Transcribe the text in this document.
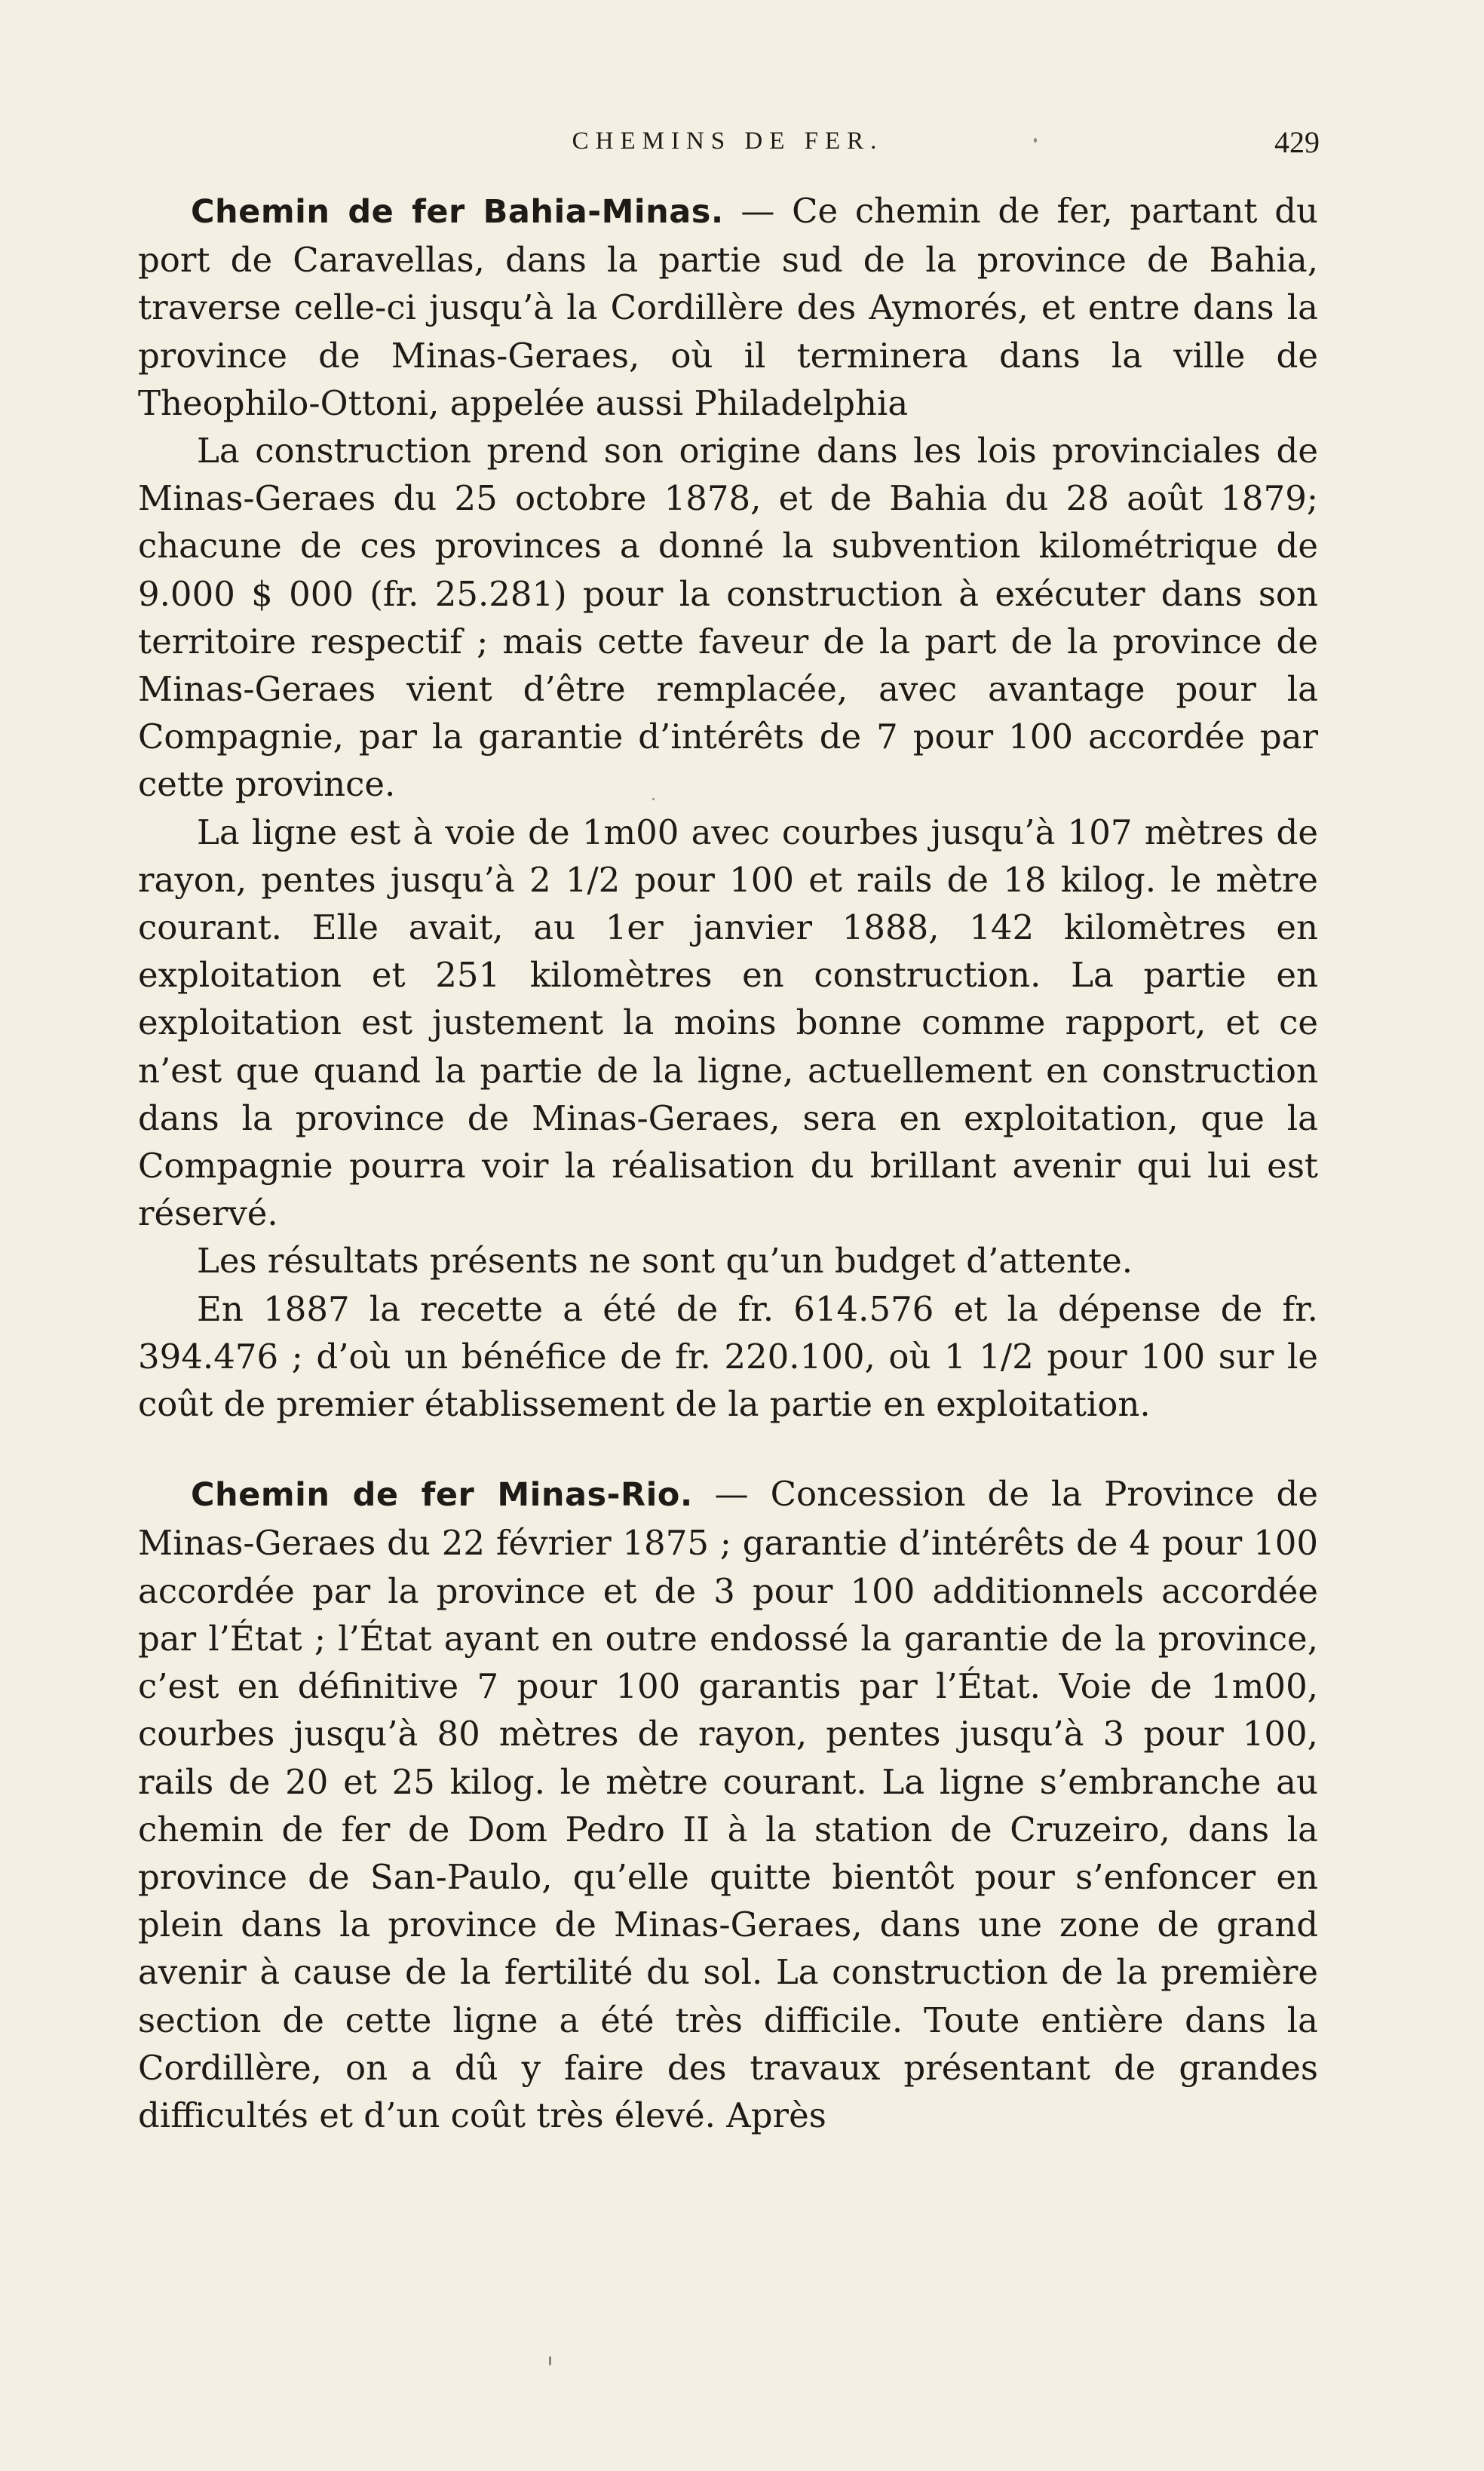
CHEMINS DE FER.	429

Chemin de fer Bahia-Minas. — Ce chemin de fer, partant du port de Caravellas, dans la partie sud de la province de Bahia, traverse celle-ci jusqu’à la Cordillère des Aymorés, et entre dans la province de Minas-Geraes, où il terminera dans la ville de Theophilo-Ottoni, appelée aussi Philadelphia

La construction prend son origine dans les lois provinciales de Minas-Geraes du 25 octobre 1878, et de Bahia du 28 août 1879; chacune de ces provinces a donné la subvention kilométrique de 9.000 $ 000 (fr. 25.281) pour la construction à exécuter dans son territoire respectif ; mais cette faveur de la part de la province de Minas-Geraes vient d’être remplacée, avec avantage pour la Compagnie, par la garantie d’intérêts de 7 pour 100 accordée par cette province.

La ligne est à voie de 1m00 avec courbes jusqu’à 107 mètres de rayon, pentes jusqu’à 2 1/2 pour 100 et rails de 18 kilog. le mètre courant. Elle avait, au 1er janvier 1888, 142 kilomètres en exploitation et 251 kilomètres en construction. La partie en exploitation est justement la moins bonne comme rapport, et ce n’est que quand la partie de la ligne, actuellement en construction dans la province de Minas-Geraes, sera en exploitation, que la Compagnie pourra voir la réalisation du brillant avenir qui lui est réservé.

Les résultats présents ne sont qu’un budget d’attente.

En 1887 la recette a été de fr. 614.576 et la dépense de fr. 394.476 ; d’où un bénéfice de fr. 220.100, où 1 1/2 pour 100 sur le coût de premier établissement de la partie en exploitation.

Chemin de fer Minas-Rio. — Concession de la Province de Minas-Geraes du 22 février 1875 ; garantie d’intérêts de 4 pour 100 accordée par la province et de 3 pour 100 additionnels accordée par l’État ; l’État ayant en outre endossé la garantie de la province, c’est en définitive 7 pour 100 garantis par l’État. Voie de 1m00, courbes jusqu’à 80 mètres de rayon, pentes jusqu’à 3 pour 100, rails de 20 et 25 kilog. le mètre courant. La ligne s’embranche au chemin de fer de Dom Pedro II à la station de Cruzeiro, dans la province de San-Paulo, qu’elle quitte bientôt pour s’enfoncer en plein dans la province de Minas-Geraes, dans une zone de grand avenir à cause de la fertilité du sol. La construction de la première section de cette ligne a été très difficile. Toute entière dans la Cordillère, on a dû y faire des travaux présentant de grandes difficultés et d’un coût très élevé. Après
